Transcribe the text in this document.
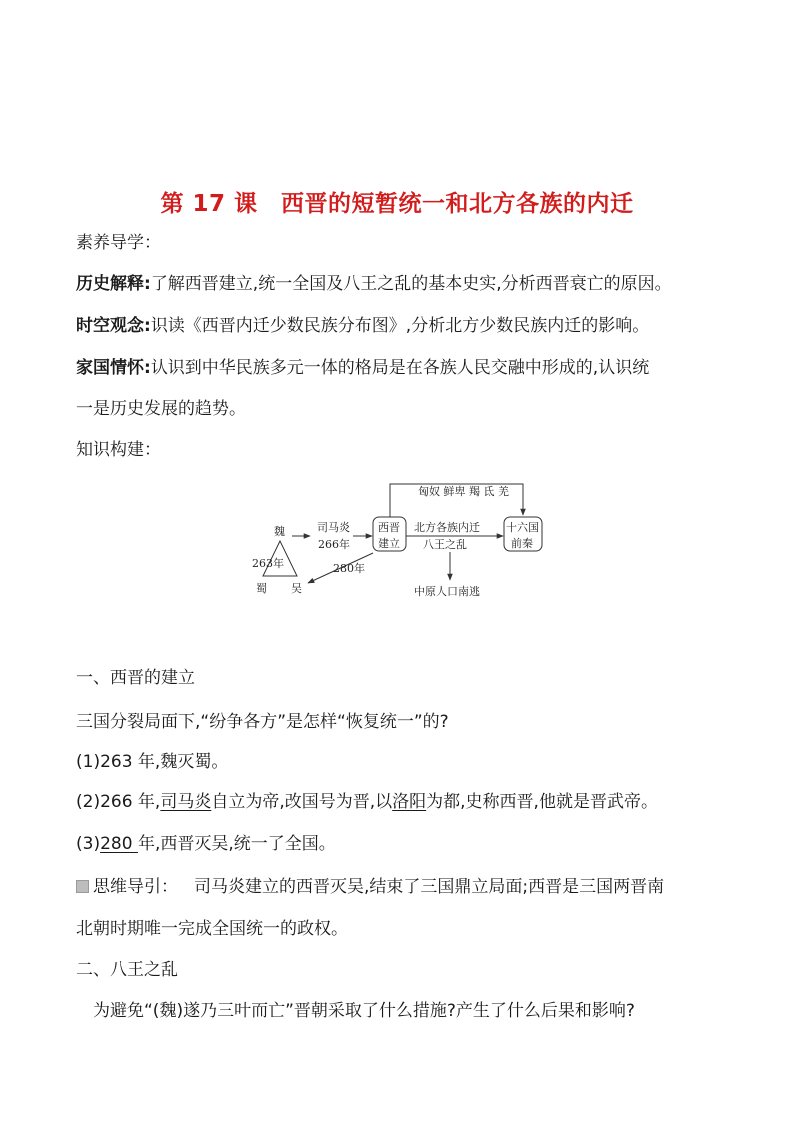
第 17 课　西晋的短暂统一和北方各族的内迁
素养导学：
历史解释:了解西晋建立,统一全国及八王之乱的基本史实,分析西晋衰亡的原因。
时空观念:识读《西晋内迁少数民族分布图》,分析北方少数民族内迁的影响。
家国情怀:认识到中华民族多元一体的格局是在各族人民交融中形成的,认识统
一是历史发展的趋势。
知识构建：
魏
263年
蜀 吴
司马炎
266年
西晋
建立
280年
北方各族内迁
八王之乱
十六国
前秦
匈奴 鲜卑 羯 氐 羌
中原人口南逃
一、西晋的建立
三国分裂局面下,“纷争各方”是怎样“恢复统一”的?
(1)263 年,魏灭蜀。
(2)266 年,司马炎自立为帝,改国号为晋,以洛阳为都,史称西晋,他就是晋武帝。
(3)280 年,西晋灭吴,统一了全国。
思维导引： 司马炎建立的西晋灭吴,结束了三国鼎立局面;西晋是三国两晋南
北朝时期唯一完成全国统一的政权。
二、八王之乱
为避免“(魏)遂乃三叶而亡”晋朝采取了什么措施?产生了什么后果和影响?
